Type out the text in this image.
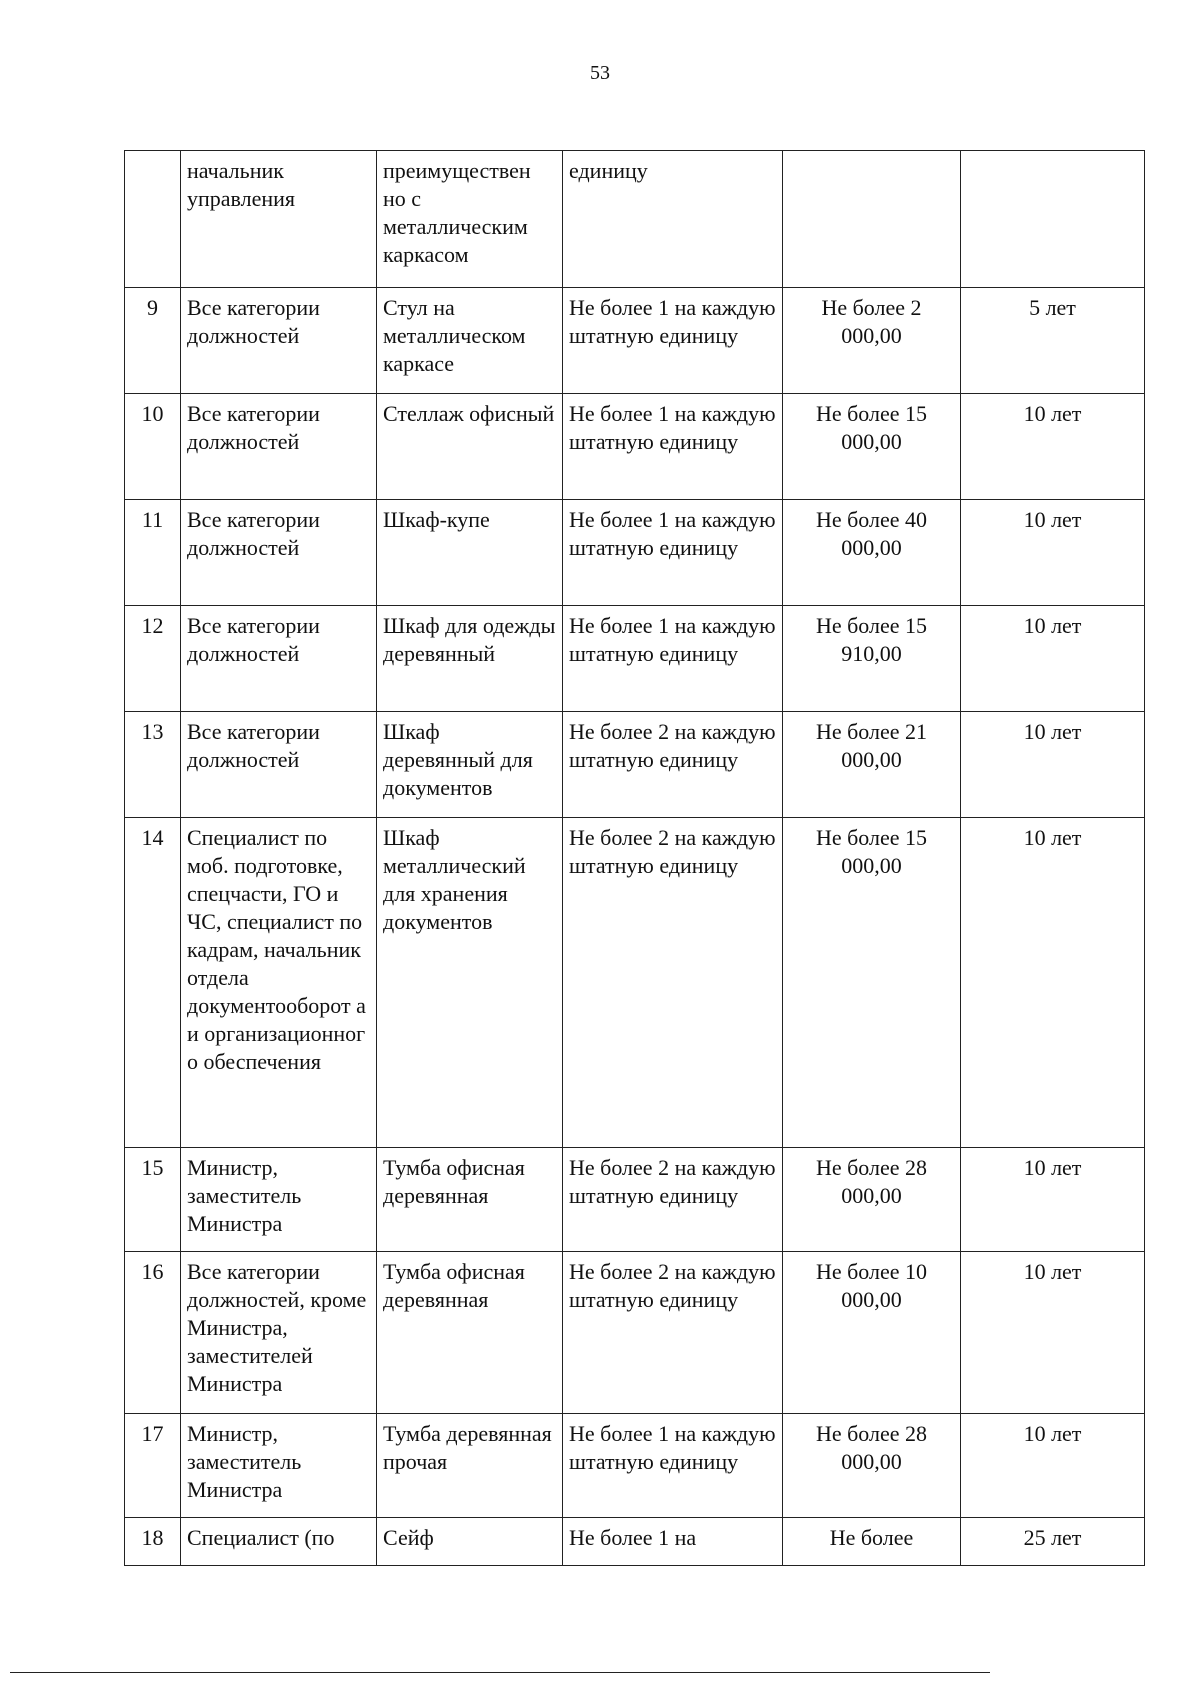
53
	начальник управления	преимуществен но с металлическим каркасом	единицу		
9	Все категории должностей	Стул на металлическом каркасе	Не более 1 на каждую штатную единицу	Не более 2 000,00	5 лет
10	Все категории должностей	Стеллаж офисный	Не более 1 на каждую штатную единицу	Не более 15 000,00	10 лет
11	Все категории должностей	Шкаф-купе	Не более 1 на каждую штатную единицу	Не более 40 000,00	10 лет
12	Все категории должностей	Шкаф для одежды деревянный	Не более 1 на каждую штатную единицу	Не более 15 910,00	10 лет
13	Все категории должностей	Шкаф деревянный для документов	Не более 2 на каждую штатную единицу	Не более 21 000,00	10 лет
14	Специалист по моб. подготовке, спецчасти, ГО и ЧС, специалист по кадрам, начальник отдела документооборот а и организационног о обеспечения	Шкаф металлический для хранения документов	Не более 2 на каждую штатную единицу	Не более 15 000,00	10 лет
15	Министр, заместитель Министра	Тумба офисная деревянная	Не более 2 на каждую штатную единицу	Не более 28 000,00	10 лет
16	Все категории должностей, кроме Министра, заместителей Министра	Тумба офисная деревянная	Не более 2 на каждую штатную единицу	Не более 10 000,00	10 лет
17	Министр, заместитель Министра	Тумба деревянная прочая	Не более 1 на каждую штатную единицу	Не более 28 000,00	10 лет
18	Специалист (по	Сейф	Не более 1 на	Не более	25 лет
